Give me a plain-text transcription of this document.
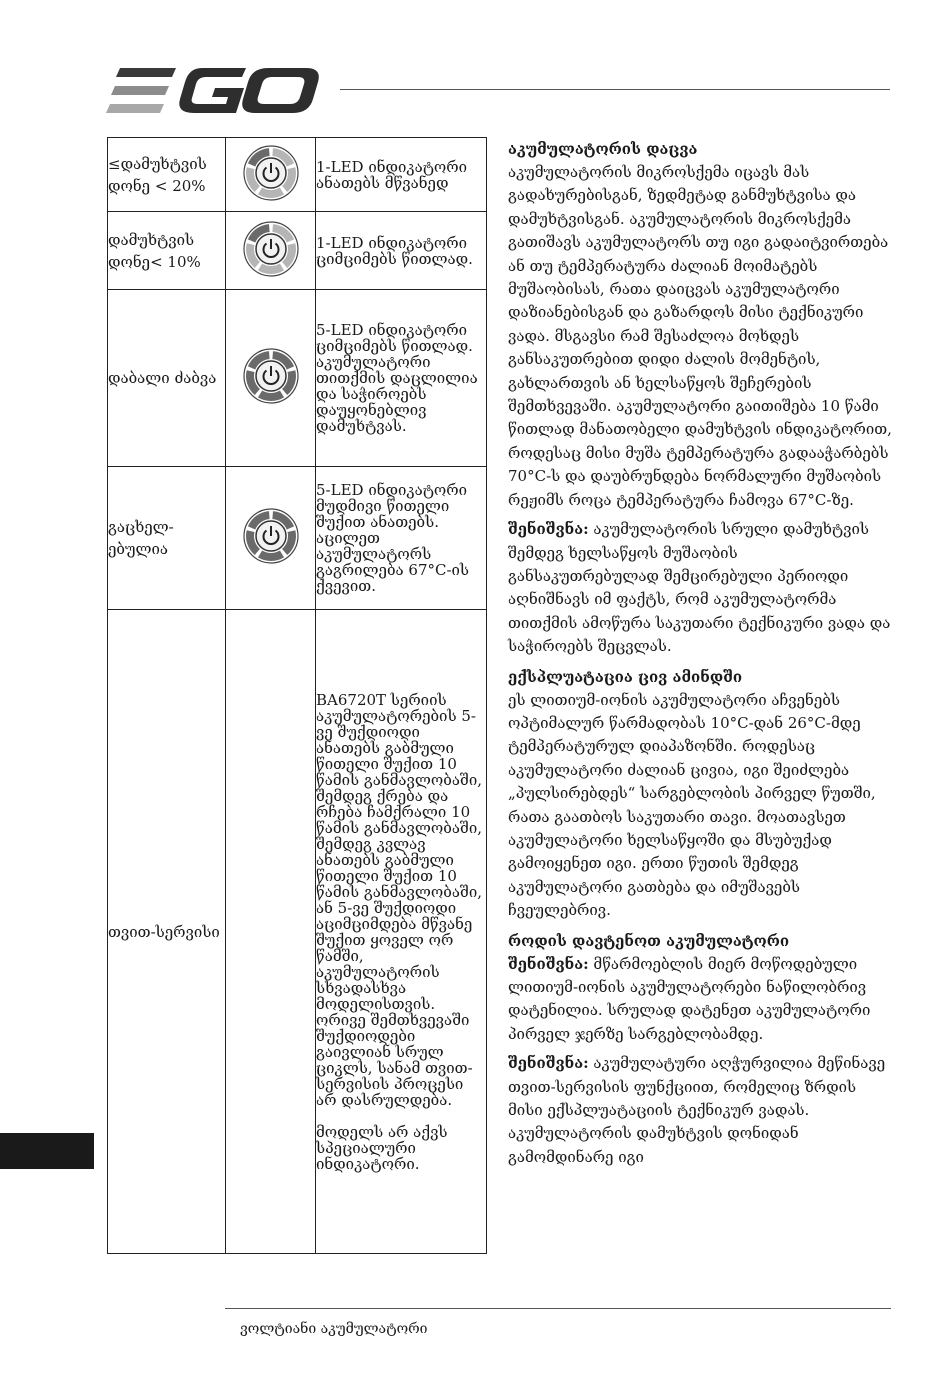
≤დამუხტვის დონე < 20%		1-LED ინდიკატორი ანათებს მწვანედ

დამუხტვის დონე< 10%		1-LED ინდიკატორი ციმციმებს წითლად.

დაბალი ძაბვა		5-LED ინდიკატორი ციმციმებს წითლად. აკუმულატორი თითქმის დაცლილია და საჭიროებს დაუყონებლივ დამუხტვას.

გაცხელ-ებულია		5-LED ინდიკატორი მუდმივი წითელი შუქით ანათებს. აცილეთ აკუმულატორს გაგრილება 67°C-ის ქვევით.

თვით-სერვისი		BA6720T სერიის აკუმულატორების 5-ვე შუქდიოდი ანათებს გაბმული წითელი შუქით 10 წამის განმავლობაში, შემდეგ ქრება და რჩება ჩამქრალი 10 წამის განმავლობაში, შემდეგ კვლავ ანათებს გაბმული წითელი შუქით 10 წამის განმავლობაში, ან 5-ვე შუქდიოდი აციმციმდება მწვანე შუქით ყოველ ორ წამში, აკუმულატორის სხვადასხვა მოდელისთვის. ორივე შემთხვევაში შუქდიოდები გაივლიან სრულ ციკლს, სანამ თვით-სერვისის პროცესი არ დასრულდება.

მოდელს არ აქვს სპეციალური ინდიკატორი.

აკუმულატორის დაცვა

აკუმულატორის მიკროსქემა იცავს მას გადახურებისგან, ზედმეტად განმუხტვისა და დამუხტვისგან. აკუმულატორის მიკროსქემა გათიშავს აკუმულატორს თუ იგი გადაიტვირთება ან თუ ტემპერატურა ძალიან მოიმატებს მუშაობისას, რათა დაიცვას აკუმულატორი დაზიანებისგან და გაზარდოს მისი ტექნიკური ვადა. მსგავსი რამ შესაძლოა მოხდეს განსაკუთრებით დიდი ძალის მომენტის, გახლართვის ან ხელსაწყოს შეჩერების შემთხვევაში. აკუმულატორი გაითიშება 10 წამი წითლად მანათობელი დამუხტვის ინდიკატორით, როდესაც მისი მუშა ტემპერატურა გადააჭარბებს 70°C-ს და დაუბრუნდება ნორმალური მუშაობის რეჟიმს როცა ტემპერატურა ჩამოვა 67°C-ზე.

შენიშვნა: აკუმულატორის სრული დამუხტვის შემდეგ ხელსაწყოს მუშაობის განსაკუთრებულად შემცირებული პერიოდი აღნიშნავს იმ ფაქტს, რომ აკუმულატორმა თითქმის ამოწურა საკუთარი ტექნიკური ვადა და საჭიროებს შეცვლას.

ექსპლუატაცია ცივ ამინდში

ეს ლითიუმ-იონის აკუმულატორი აჩვენებს ოპტიმალურ წარმადობას 10°C-დან 26°C-მდე ტემპერატურულ დიაპაზონში. როდესაც აკუმულატორი ძალიან ცივია, იგი შეიძლება „პულსირებდეს“ სარგებლობის პირველ წუთში, რათა გაათბოს საკუთარი თავი. მოათავსეთ აკუმულატორი ხელსაწყოში და მსუბუქად გამოიყენეთ იგი. ერთი წუთის შემდეგ აკუმულატორი გათბება და იმუშავებს ჩვეულებრივ.

როდის დავტენოთ აკუმულატორი

შენიშვნა: მწარმოებლის მიერ მოწოდებული ლითიუმ-იონის აკუმულატორები ნაწილობრივ დატენილია. სრულად დატენეთ აკუმულატორი პირველ ჯერზე სარგებლობამდე.

შენიშვნა: აკუმულატური აღჭურვილია მეწინავე თვით-სერვისის ფუნქციით, რომელიც ზრდის მისი ექსპლუატაციის ტექნიკურ ვადას. აკუმულატორის დამუხტვის დონიდან გამომდინარე იგი

ვოლტიანი აკუმულატორი
